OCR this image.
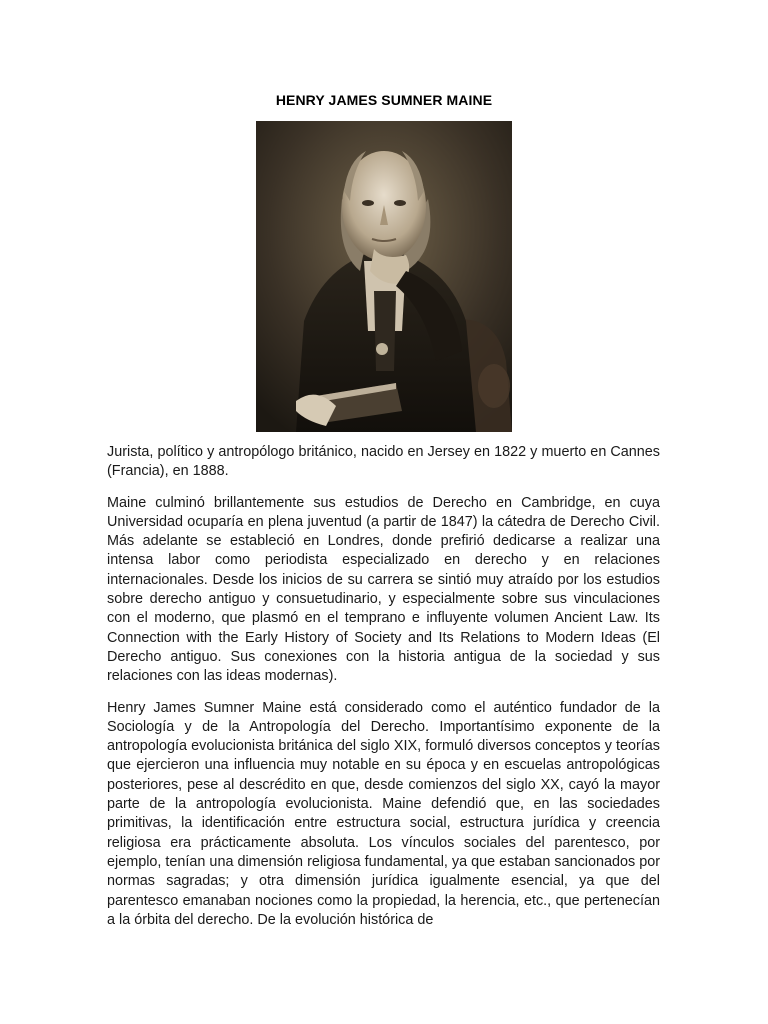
HENRY JAMES SUMNER MAINE

Jurista, político y antropólogo británico, nacido en Jersey en 1822 y muerto en Cannes (Francia), en 1888.

Maine culminó brillantemente sus estudios de Derecho en Cambridge, en cuya Universidad ocuparía en plena juventud (a partir de 1847) la cátedra de Derecho Civil. Más adelante se estableció en Londres, donde prefirió dedicarse a realizar una intensa labor como periodista especializado en derecho y en relaciones internacionales. Desde los inicios de su carrera se sintió muy atraído por los estudios sobre derecho antiguo y consuetudinario, y especialmente sobre sus vinculaciones con el moderno, que plasmó en el temprano e influyente volumen Ancient Law. Its Connection with the Early History of Society and Its Relations to Modern Ideas (El Derecho antiguo. Sus conexiones con la historia antigua de la sociedad y sus relaciones con las ideas modernas).

Henry James Sumner Maine está considerado como el auténtico fundador de la Sociología y de la Antropología del Derecho. Importantísimo exponente de la antropología evolucionista británica del siglo XIX, formuló diversos conceptos y teorías que ejercieron una influencia muy notable en su época y en escuelas antropológicas posteriores, pese al descrédito en que, desde comienzos del siglo XX, cayó la mayor parte de la antropología evolucionista. Maine defendió que, en las sociedades primitivas, la identificación entre estructura social, estructura jurídica y creencia religiosa era prácticamente absoluta. Los vínculos sociales del parentesco, por ejemplo, tenían una dimensión religiosa fundamental, ya que estaban sancionados por normas sagradas; y otra dimensión jurídica igualmente esencial, ya que del parentesco emanaban nociones como la propiedad, la herencia, etc., que pertenecían a la órbita del derecho. De la evolución histórica de
